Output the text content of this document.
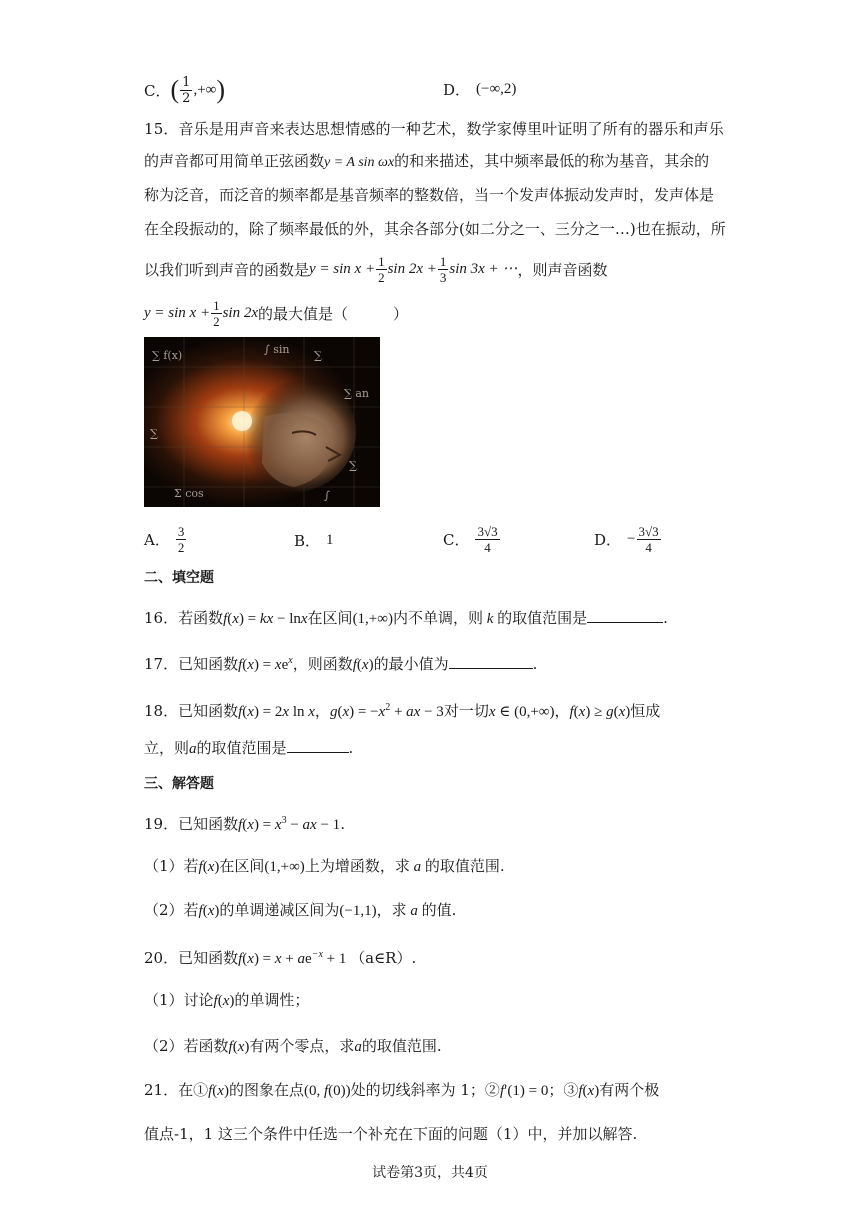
C． ( $\frac{1}{2}$ ,+∞ )	D． (−∞,2)
15．音乐是用声音来表达思想情感的一种艺术，数学家傅里叶证明了所有的器乐和声乐
的声音都可用简单正弦函数y = A sin ωx的和来描述，其中频率最低的称为基音，其余的
称为泛音，而泛音的频率都是基音频率的整数倍，当一个发声体振动发声时，发声体是
在全段振动的，除了频率最低的外，其余各部分(如二分之一、三分之一…)也在振动，所
以我们听到声音的函数是 $y = \sin x + \frac{1}{2}$ $\sin 2x + \frac{1}{3}$ sin 3x + ⋯ ，则声音函数
$y = \sin x + \frac{1}{2}$ sin 2x 的最大值是（　　　）
∑ f(x)	∑
∫ sin
∑ an
∑
∑
Σ cos	∫
A． $\frac{3}{2}$	B． 1	C． $\frac{3√3}{4}$	D． − $\frac{3√3}{4}$
二、填空题
16．若函数f(x) = kx − lnx在区间(1,+∞)内不单调，则 k 的取值范围是	.
17．已知函数$f(x) = xe^x$，则函数f(x)的最小值为	.
18．已知函数f(x) = 2x ln x，$g(x) = -x^2$ + ax − 3对一切x ∈ (0,+∞)，f(x) ≥ g(x)恒成
立，则a的取值范围是	.
三、解答题
19．已知函数$f(x) = x^3$ − ax − 1.
（1）若f(x)在区间(1,+∞)上为增函数，求 a 的取值范围.
（2）若f(x)的单调递减区间为(−1,1)，求 a 的值.
20．已知函数$f(x) = x + ae^{-x} + 1$ （a∈R）.
（1）讨论f(x)的单调性；
（2）若函数f(x)有两个零点，求a的取值范围.
21．在①f(x)的图象在点(0, f(0))处的切线斜率为 1；②f′(1) = 0；③f(x)有两个极
值点-1，1 这三个条件中任选一个补充在下面的问题（1）中，并加以解答.
试卷第3页，共4页
